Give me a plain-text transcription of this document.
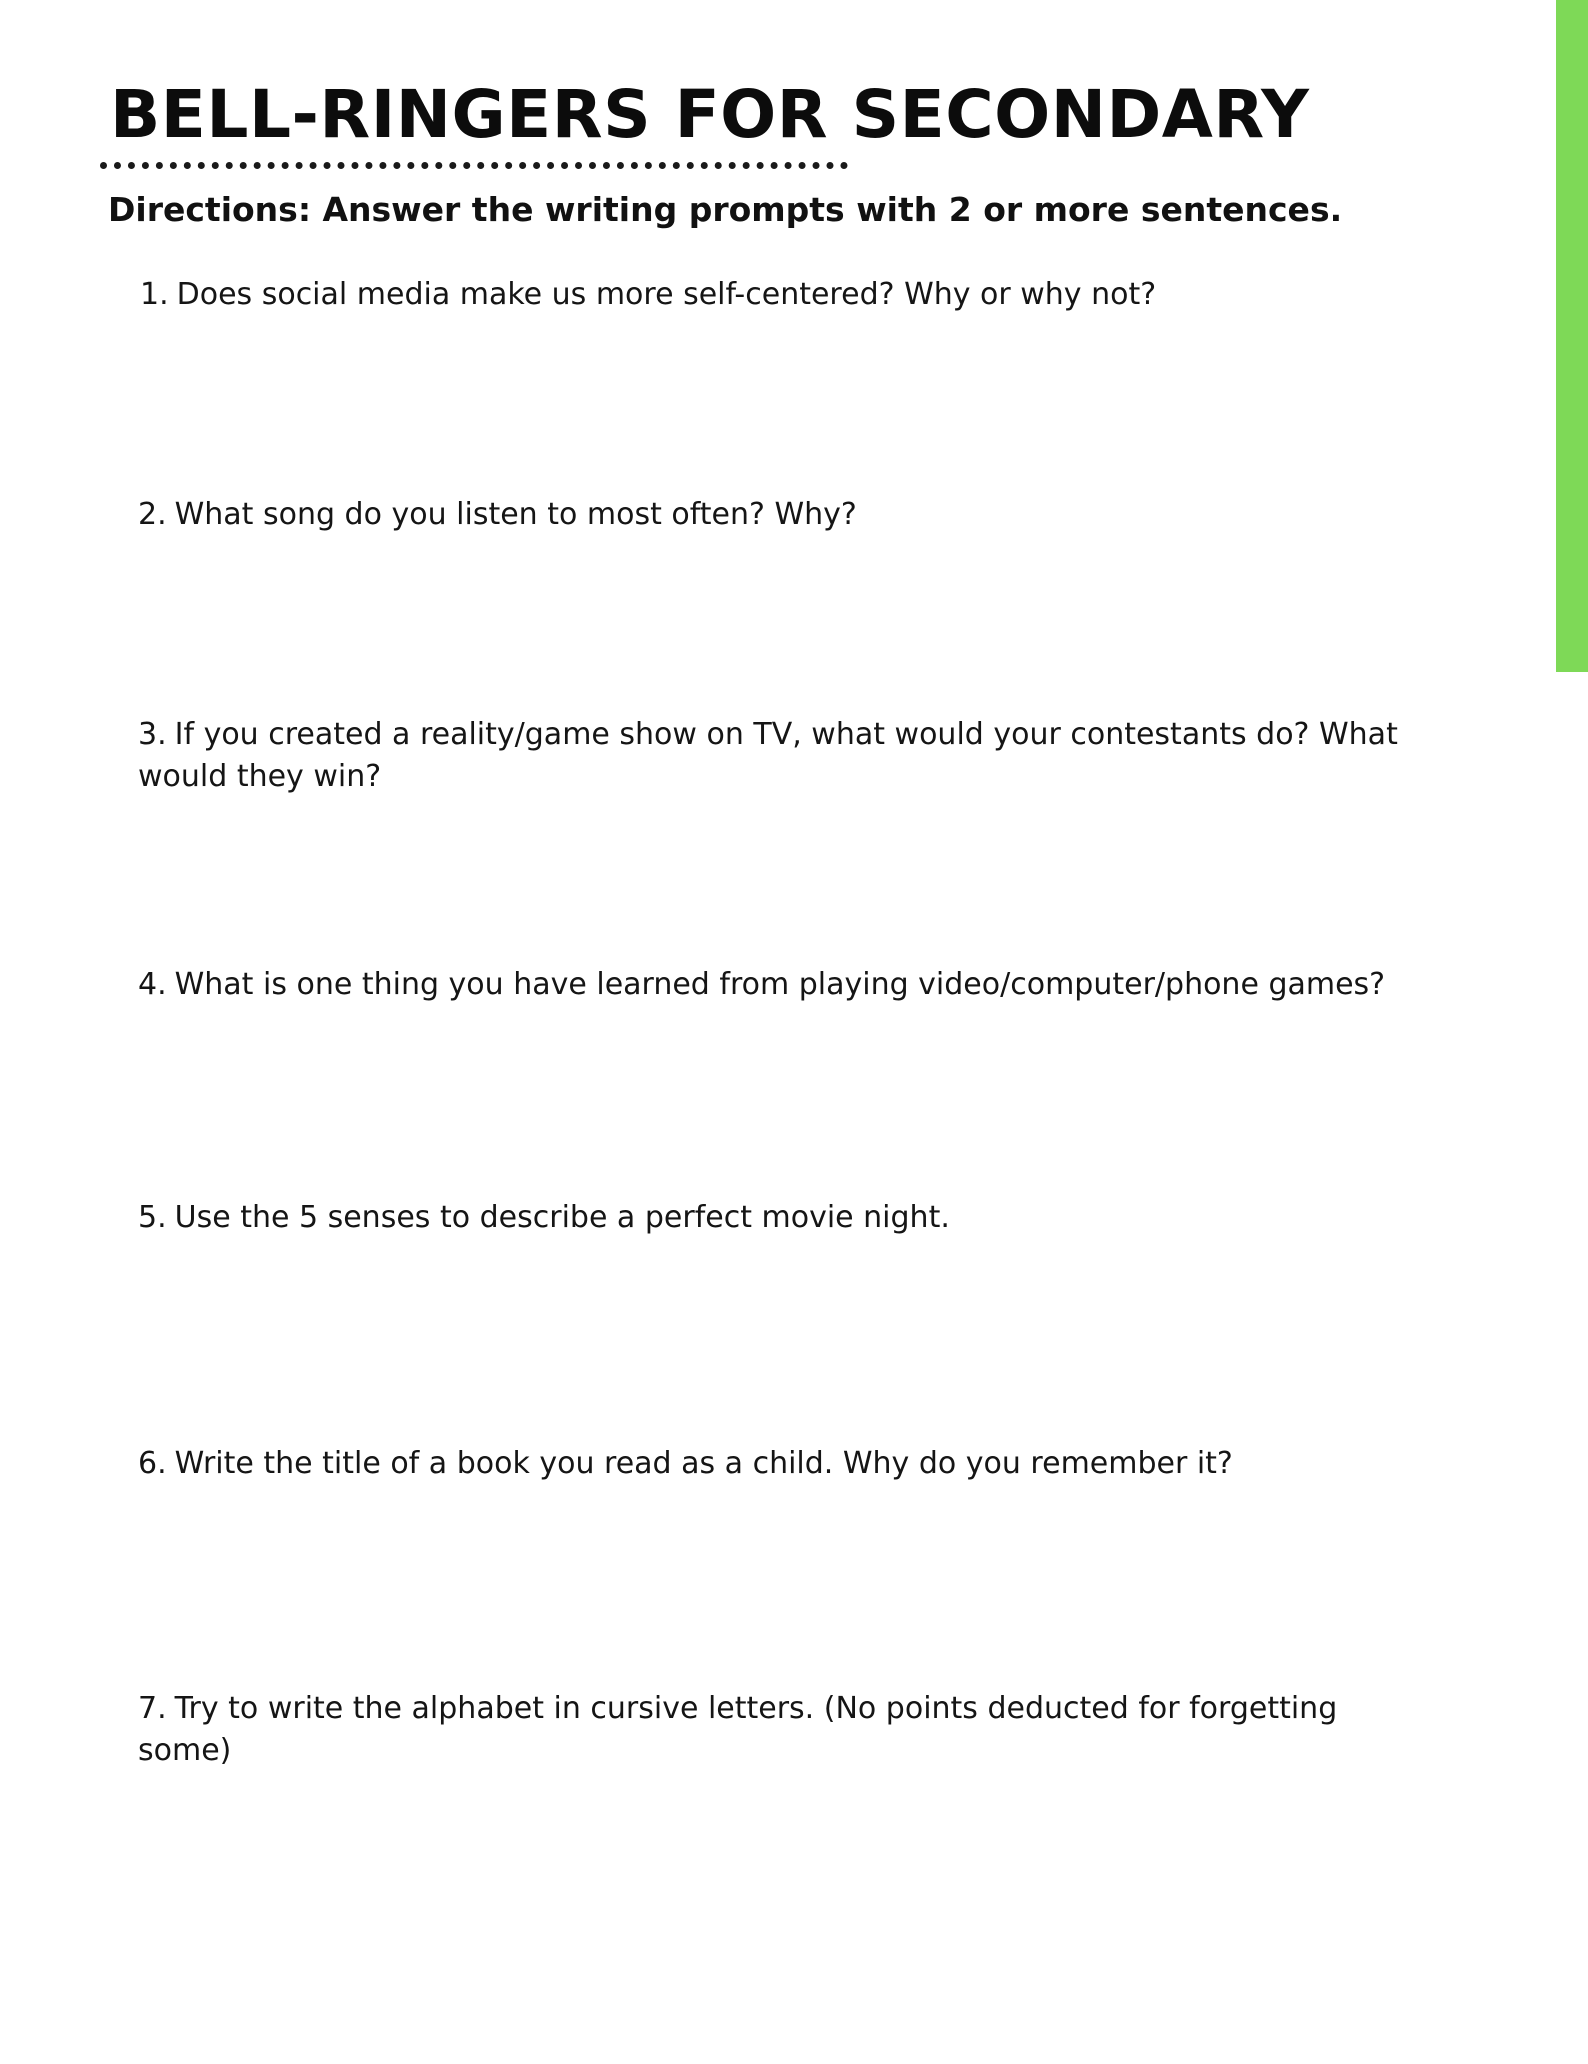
BELL-RINGERS FOR SECONDARY

Directions: Answer the writing prompts with 2 or more sentences.

1. Does social media make us more self-centered? Why or why not?

2. What song do you listen to most often? Why?

3. If you created a reality/game show on TV, what would your contestants do? What would they win?

4. What is one thing you have learned from playing video/computer/phone games?

5. Use the 5 senses to describe a perfect movie night.

6. Write the title of a book you read as a child. Why do you remember it?

7. Try to write the alphabet in cursive letters. (No points deducted for forgetting some)
